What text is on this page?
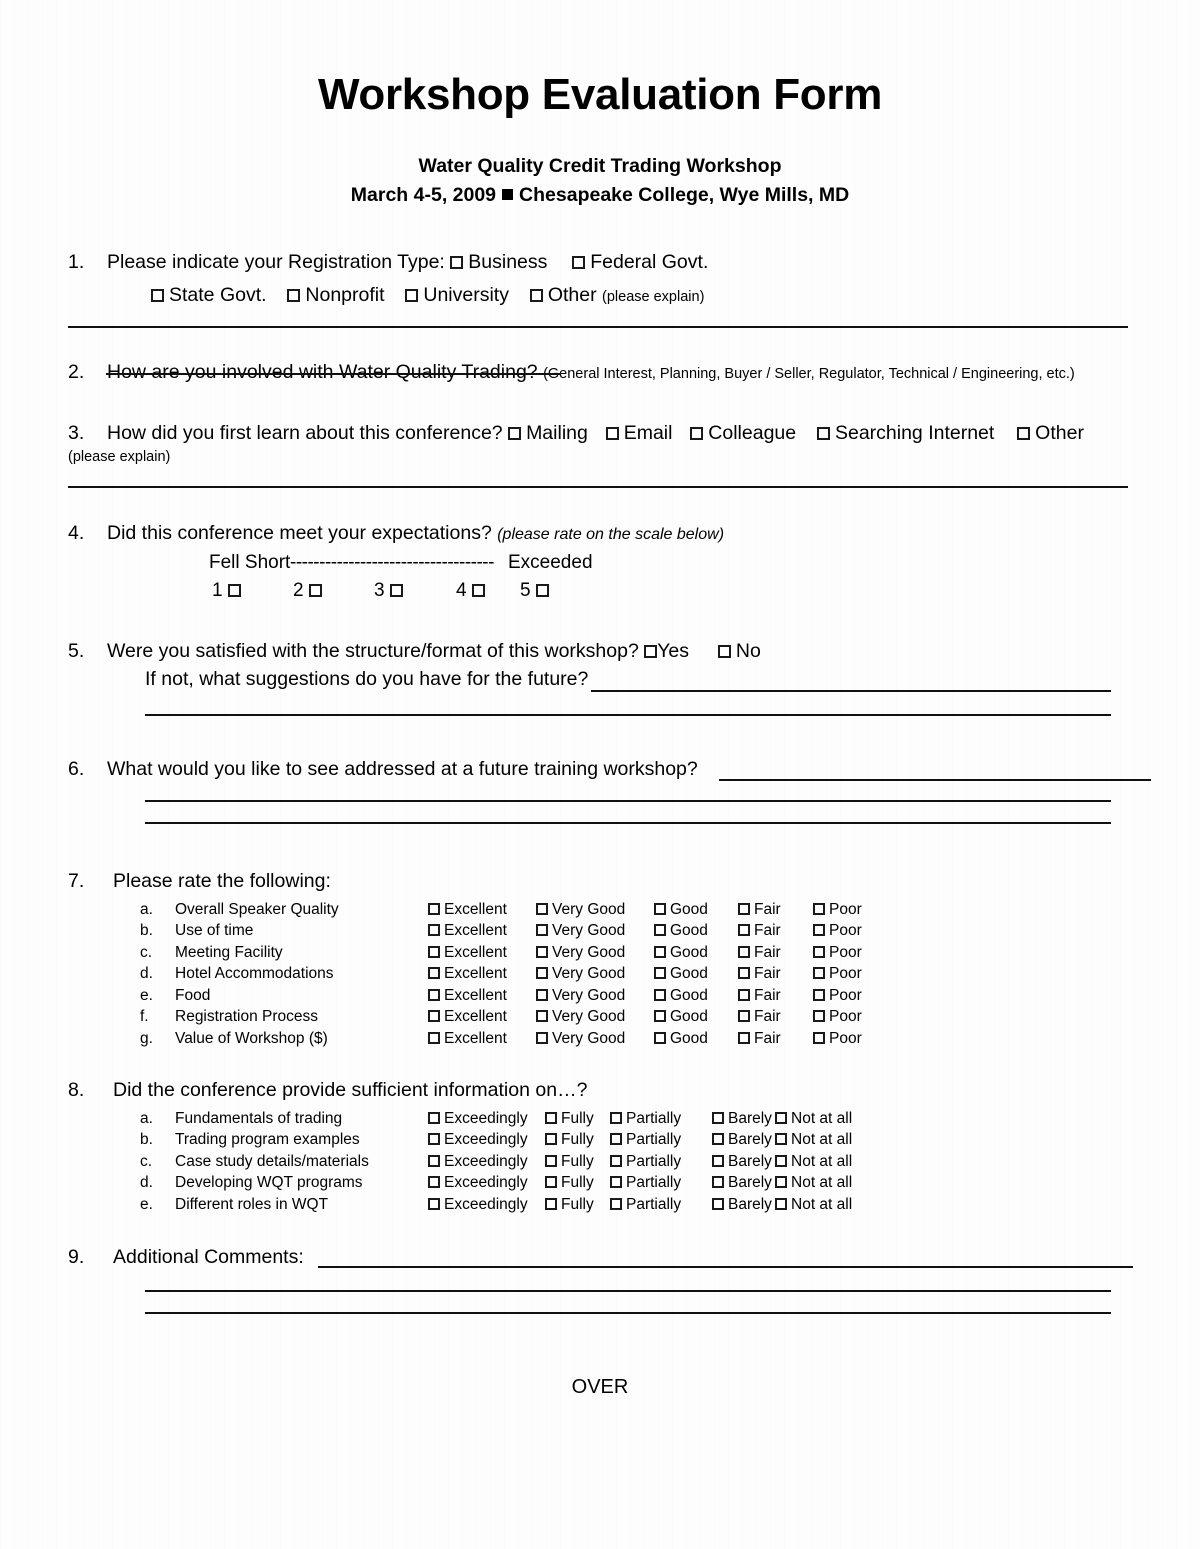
Workshop Evaluation Form
Water Quality Credit Trading Workshop
March 4-5, 2009 Chesapeake College, Wye Mills, MD
1.	Please indicate your Registration Type: Business Federal Govt.
State Govt. Nonprofit University Other (please explain)
2.	How are you involved with Water Quality Trading? (General Interest, Planning, Buyer / Seller, Regulator, Technical / Engineering, etc.)
3.	How did you first learn about this conference? Mailing Email Colleague Searching Internet Other
(please explain)
4.	Did this conference meet your expectations? (please rate on the scale below)
Fell Short ----------------------------------- Exceeded
1	2	3	4	5
5.	Were you satisfied with the structure/format of this workshop? Yes No
If not, what suggestions do you have for the future?
6.	What would you like to see addressed at a future training workshop?
7.	Please rate the following:
a. Overall Speaker Quality	Excellent	Very Good	Good	Fair	Poor
b. Use of time	Excellent	Very Good	Good	Fair	Poor
c. Meeting Facility	Excellent	Very Good	Good	Fair	Poor
d. Hotel Accommodations	Excellent	Very Good	Good	Fair	Poor
e. Food	Excellent	Very Good	Good	Fair	Poor
f. Registration Process	Excellent	Very Good	Good	Fair	Poor
g. Value of Workshop ($)	Excellent	Very Good	Good	Fair	Poor
8.	Did the conference provide sufficient information on…?
a. Fundamentals of trading	Exceedingly	Fully	Partially	Barely	Not at all
b. Trading program examples	Exceedingly	Fully	Partially	Barely	Not at all
c. Case study details/materials	Exceedingly	Fully	Partially	Barely	Not at all
d. Developing WQT programs	Exceedingly	Fully	Partially	Barely	Not at all
e. Different roles in WQT	Exceedingly	Fully	Partially	Barely	Not at all
9.	Additional Comments:
OVER
